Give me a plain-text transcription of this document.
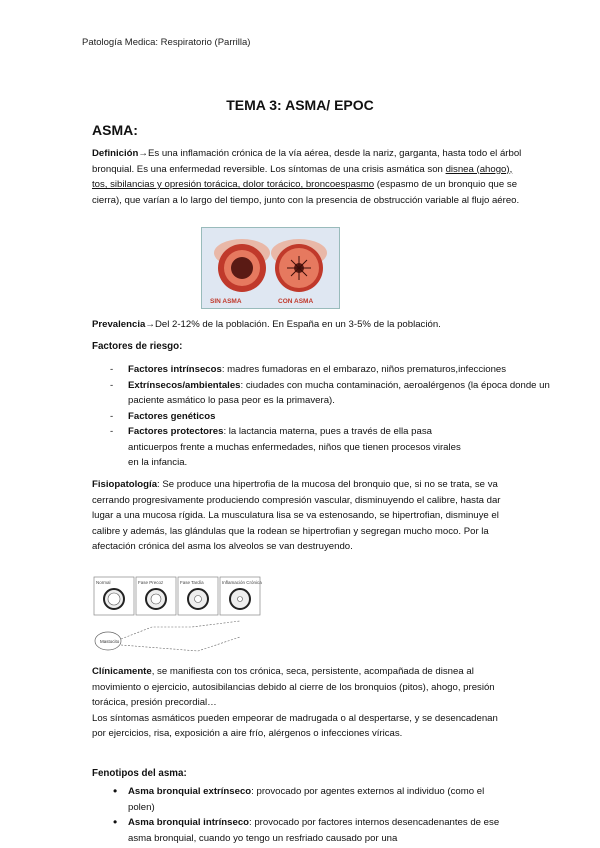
Patología Medica: Respiratorio (Parrilla)
TEMA 3: ASMA/ EPOC
ASMA:
Definición→Es una inflamación crónica de la vía aérea, desde la nariz, garganta, hasta todo el árbol bronquial. Es una enfermedad reversible. Los síntomas de una crisis asmática son disnea (ahogo), tos, sibilancias y opresión torácica, dolor torácico, broncoespasmo (espasmo de un bronquio que se cierra), que varían a lo largo del tiempo, junto con la presencia de obstrucción variable al flujo aéreo.
SIN ASMA	CON ASMA
Prevalencia→Del 2-12% de la población. En España en un 3-5% de la población.
Factores de riesgo:
- Factores intrínsecos: madres fumadoras en el embarazo, niños prematuros,infecciones
- Extrínsecos/ambientales: ciudades con mucha contaminación, aeroalérgenos (la época donde un paciente asmático lo pasa peor es la primavera).
- Factores genéticos
- Factores protectores: la lactancia materna, pues a través de ella pasa anticuerpos frente a muchas enfermedades, niños que tienen procesos virales en la infancia.
Fisiopatología: Se produce una hipertrofia de la mucosa del bronquio que, si no se trata, se va cerrando progresivamente produciendo compresión vascular, disminuyendo el calibre, hasta dar lugar a una mucosa rígida. La musculatura lisa se va estenosando, se hipertrofian, disminuye el calibre y además, las glándulas que la rodean se hipertrofian y segregan mucho moco. Por la afectación crónica del asma los alveolos se van destruyendo.
Normal	Fase Precoz	Fase Tardía	Inflamación Crónica
Mastocito
Clínicamente, se manifiesta con tos crónica, seca, persistente, acompañada de disnea al movimiento o ejercicio, autosibilancias debido al cierre de los bronquios (pitos), ahogo, presión torácica, presión precordial…
Los síntomas asmáticos pueden empeorar de madrugada o al despertarse, y se desencadenan por ejercicios, risa, exposición a aire frío, alérgenos o infecciones víricas.
Fenotipos del asma:
• Asma bronquial extrínseco: provocado por agentes externos al individuo (como el polen)
• Asma bronquial intrínseco: provocado por factores internos desencadenantes de ese asma bronquial, cuando yo tengo un resfriado causado por una
